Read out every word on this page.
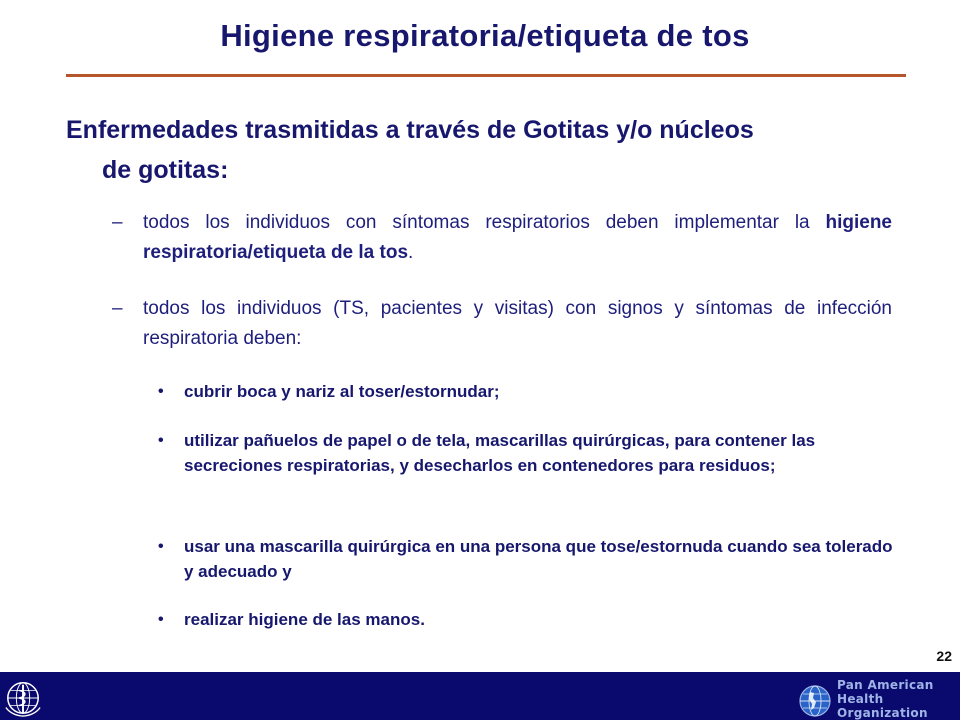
Higiene respiratoria/etiqueta de tos
Enfermedades trasmitidas a través de Gotitas y/o núcleos
de gotitas:
–	todos los individuos con síntomas respiratorios deben implementar la higiene respiratoria/etiqueta de la tos.
–	todos los individuos (TS, pacientes y visitas) con signos y síntomas de infección respiratoria deben:
• cubrir boca y nariz al toser/estornudar;
• utilizar pañuelos de papel o de tela, mascarillas quirúrgicas, para contener las secreciones respiratorias, y desecharlos en contenedores para residuos;
• usar una mascarilla quirúrgica en una persona que tose/estornuda cuando sea tolerado y adecuado y
• realizar higiene de las manos.
22
Pan American
Health
Organization
